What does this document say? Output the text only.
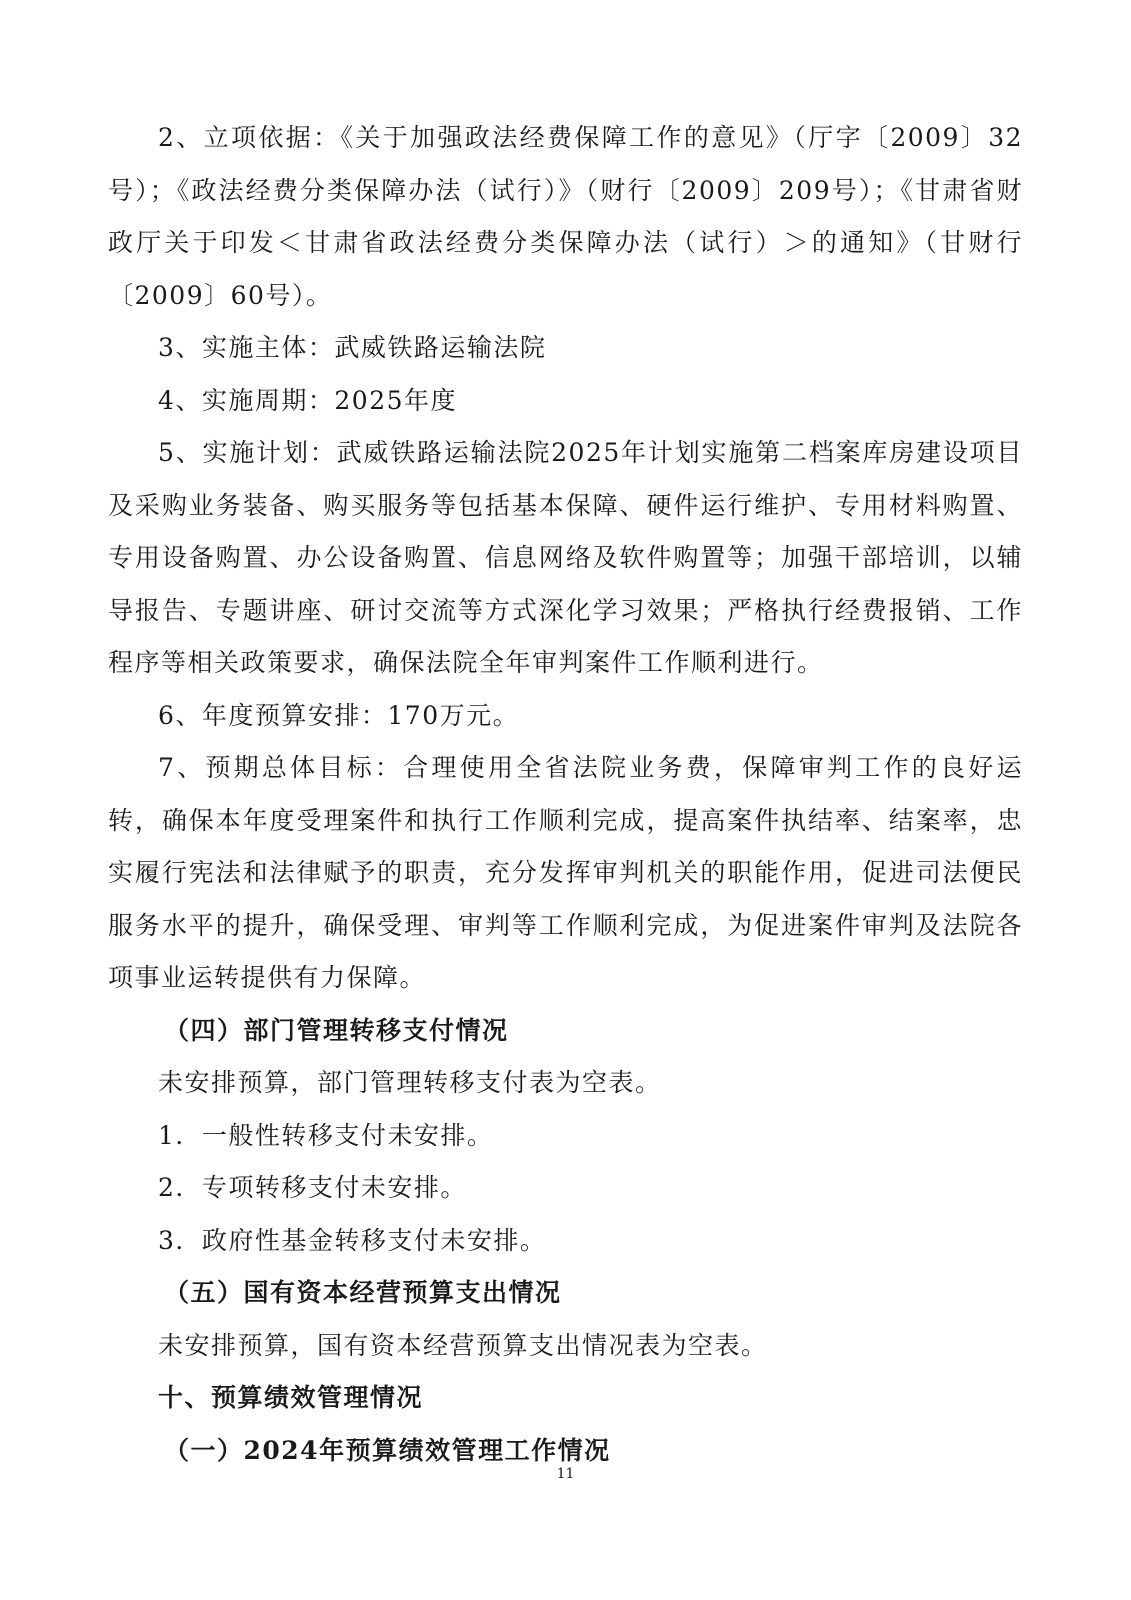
2、立项依据：《关于加强政法经费保障工作的意见》（厅字〔2009〕32号）；《政法经费分类保障办法（试行）》（财行〔2009〕209号）；《甘肃省财政厅关于印发＜甘肃省政法经费分类保障办法（试行）＞的通知》（甘财行〔2009〕60号）。

3、实施主体：武威铁路运输法院

4、实施周期：2025年度

5、实施计划：武威铁路运输法院2025年计划实施第二档案库房建设项目及采购业务装备、购买服务等包括基本保障、硬件运行维护、专用材料购置、专用设备购置、办公设备购置、信息网络及软件购置等；加强干部培训，以辅导报告、专题讲座、研讨交流等方式深化学习效果；严格执行经费报销、工作程序等相关政策要求，确保法院全年审判案件工作顺利进行。

6、年度预算安排：170万元。

7、预期总体目标：合理使用全省法院业务费，保障审判工作的良好运转，确保本年度受理案件和执行工作顺利完成，提高案件执结率、结案率，忠实履行宪法和法律赋予的职责，充分发挥审判机关的职能作用，促进司法便民服务水平的提升，确保受理、审判等工作顺利完成，为促进案件审判及法院各项事业运转提供有力保障。

（四）部门管理转移支付情况

未安排预算，部门管理转移支付表为空表。

1．一般性转移支付未安排。

2．专项转移支付未安排。

3．政府性基金转移支付未安排。

（五）国有资本经营预算支出情况

未安排预算，国有资本经营预算支出情况表为空表。

十、预算绩效管理情况

（一）2024年预算绩效管理工作情况

11
